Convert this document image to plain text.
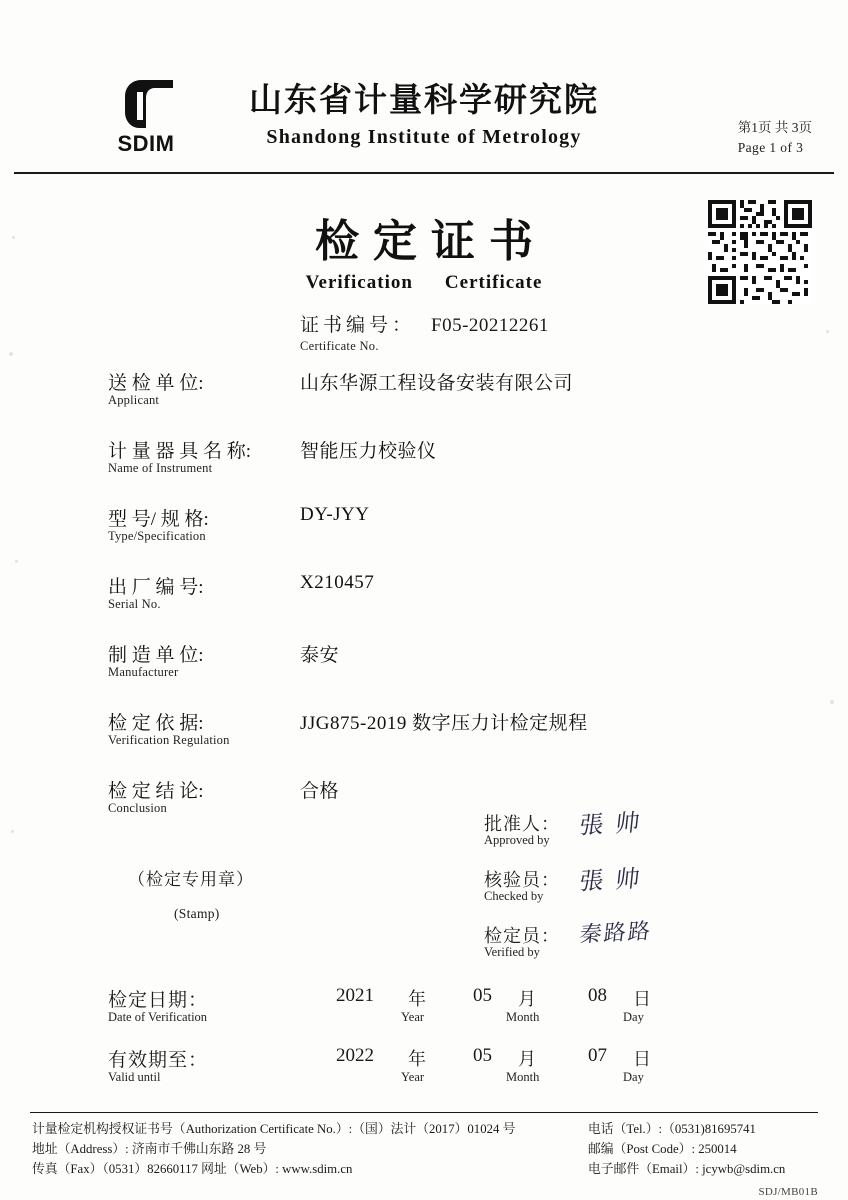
SDIM
山东省计量科学研究院
Shandong Institute of Metrology	第1页 共 3页
Page 1 of 3
检定证书
Verification Certificate
证书编号： F05-20212261
Certificate No.
送 检 单 位:
Applicant
山东华源工程设备安装有限公司
计 量 器 具 名 称:
Name of Instrument
智能压力校验仪
型 号/ 规 格:
Type/Specification
DY-JYY
出 厂 编 号:
Serial No.
X210457
制 造 单 位:
Manufacturer
泰安
检 定 依 据:
Verification Regulation
JJG875-2019 数字压力计检定规程
检 定 结 论:
Conclusion
合格
（检定专用章）
(Stamp)
批准人：
Approved by
張 帅
核验员：
Checked by
張 帅
检定员：
Verified by
秦路路
检定日期：
Date of Verification
2021 年
Year
05 月
Month
08 日
Day
有效期至：
Valid until
2022 年
Year
05 月
Month
07 日
Day
计量检定机构授权证书号（Authorization Certificate No.）:（国）法计（2017）01024 号
地址（Address）: 济南市千佛山东路 28 号
传真（Fax）（0531）82660117 网址（Web）: www.sdim.cn
电话（Tel.）:（0531)81695741
邮编（Post Code）: 250014
电子邮件（Email）: jcywb@sdim.cn
SDJ/MB01B
